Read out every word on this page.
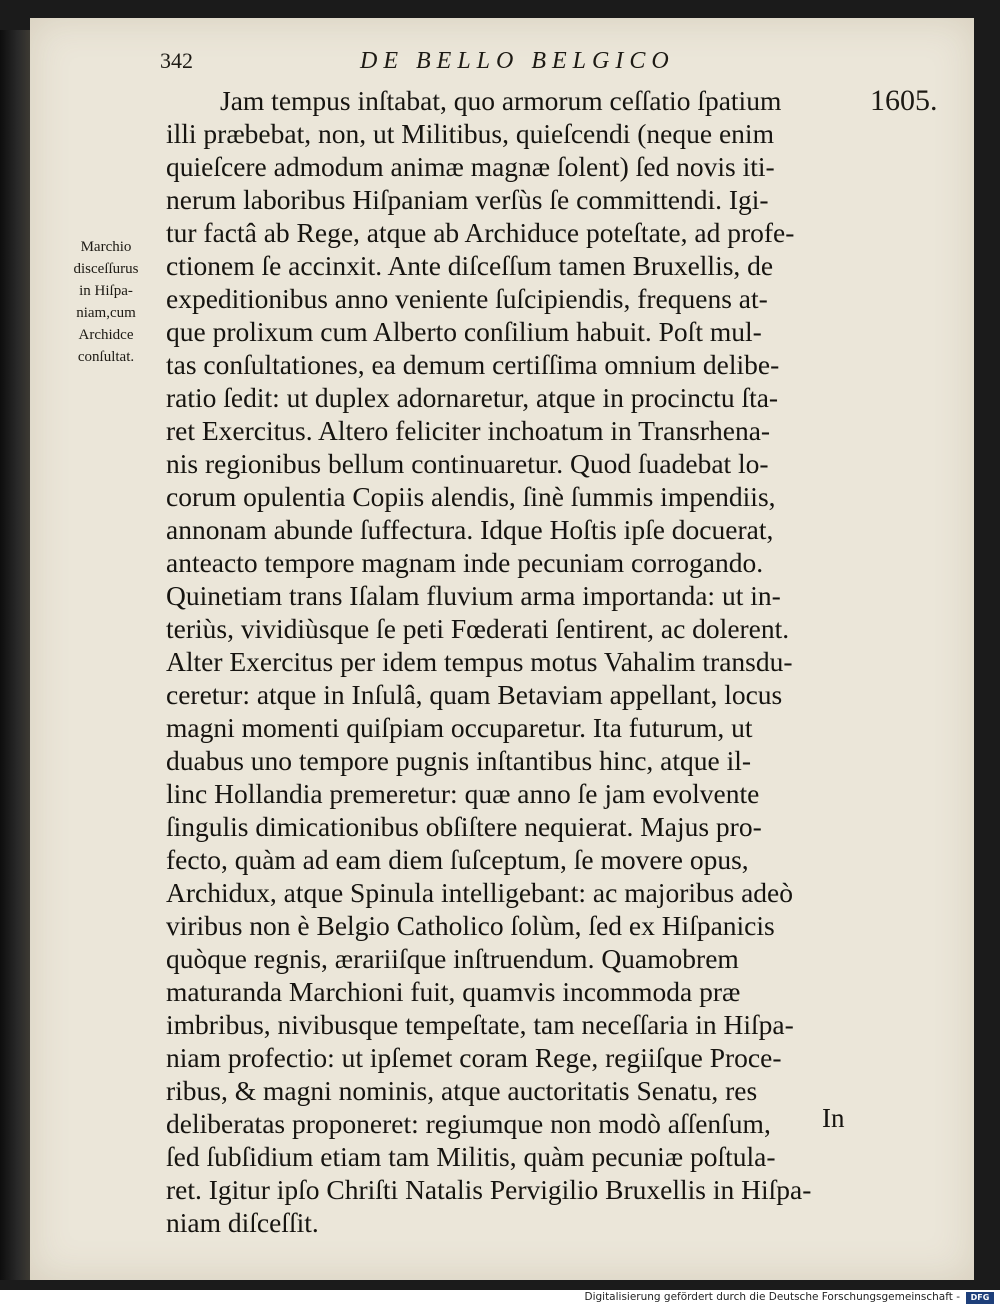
342	DE BELLO BELGICO
1605.
Marchio
disceſſurus
in Hiſpa-
niam,cum
Archidce
conſultat.
Jam tempus inſtabat, quo armorum ceſſatio ſpatium
illi præbebat, non, ut Militibus, quieſcendi (neque enim
quieſcere admodum animæ magnæ ſolent) ſed novis iti-
nerum laboribus Hiſpaniam verſùs ſe committendi. Igi-
tur factâ ab Rege, atque ab Archiduce poteſtate, ad profe-
ctionem ſe accinxit. Ante diſceſſum tamen Bruxellis, de
expeditionibus anno veniente ſuſcipiendis, frequens at-
que prolixum cum Alberto conſilium habuit. Poſt mul-
tas conſultationes, ea demum certiſſima omnium delibe-
ratio ſedit: ut duplex adornaretur, atque in procinctu ſta-
ret Exercitus. Altero feliciter inchoatum in Transrhena-
nis regionibus bellum continuaretur. Quod ſuadebat lo-
corum opulentia Copiis alendis, ſinè ſummis impendiis,
annonam abunde ſuffectura. Idque Hoſtis ipſe docuerat,
anteacto tempore magnam inde pecuniam corrogando.
Quinetiam trans Iſalam fluvium arma importanda: ut in-
teriùs, vividiùsque ſe peti Fœderati ſentirent, ac dolerent.
Alter Exercitus per idem tempus motus Vahalim transdu-
ceretur: atque in Inſulâ, quam Betaviam appellant, locus
magni momenti quiſpiam occuparetur. Ita futurum, ut
duabus uno tempore pugnis inſtantibus hinc, atque il-
linc Hollandia premeretur: quæ anno ſe jam evolvente
ſingulis dimicationibus obſiſtere nequierat. Majus pro-
fecto, quàm ad eam diem ſuſceptum, ſe movere opus,
Archidux, atque Spinula intelligebant: ac majoribus adeò
viribus non è Belgio Catholico ſolùm, ſed ex Hiſpanicis
quòque regnis, ærariiſque inſtruendum. Quamobrem
maturanda Marchioni fuit, quamvis incommoda præ
imbribus, nivibusque tempeſtate, tam neceſſaria in Hiſpa-
niam profectio: ut ipſemet coram Rege, regiiſque Proce-
ribus, & magni nominis, atque auctoritatis Senatu, res
deliberatas proponeret: regiumque non modò aſſenſum,
ſed ſubſidium etiam tam Militis, quàm pecuniæ poſtula-
ret. Igitur ipſo Chriſti Natalis Pervigilio Bruxellis in Hiſpa-
niam diſceſſit.
In
Digitalisierung gefördert durch die Deutsche Forschungsgemeinschaft -	DFG
